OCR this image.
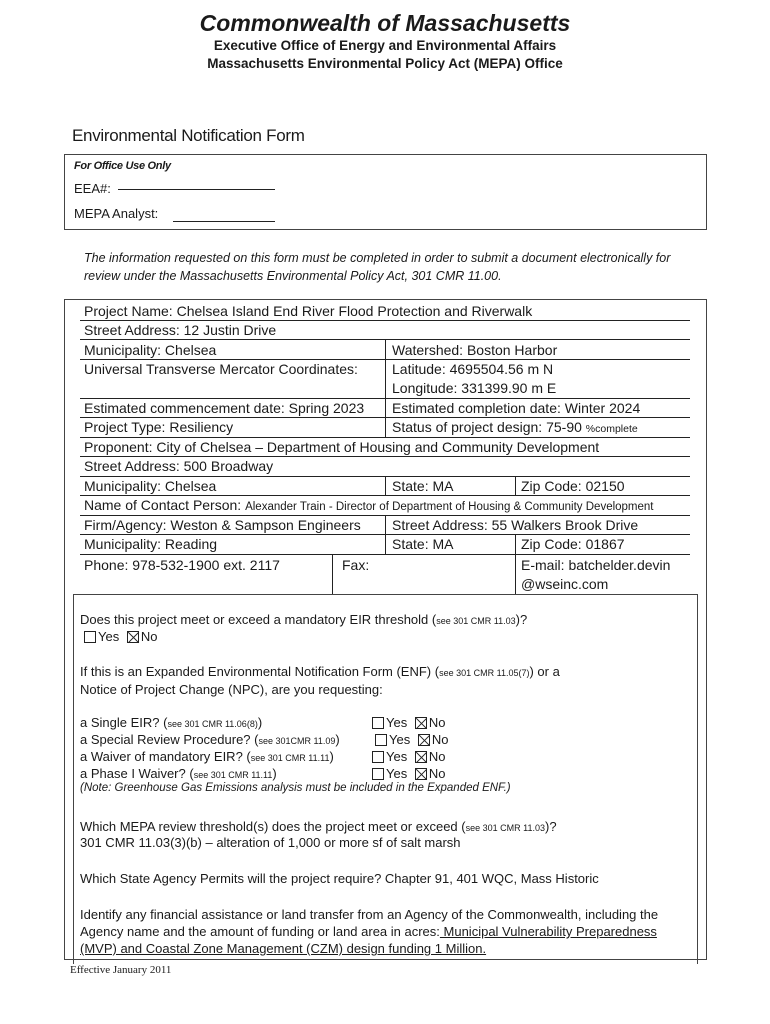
Commonwealth of Massachusetts
Executive Office of Energy and Environmental Affairs
Massachusetts Environmental Policy Act (MEPA) Office
Environmental Notification Form
For Office Use Only
EEA#:
MEPA Analyst:
The information requested on this form must be completed in order to submit a document electronically for review under the Massachusetts Environmental Policy Act, 301 CMR 11.00.
Project Name: Chelsea Island End River Flood Protection and Riverwalk
Street Address: 12 Justin Drive
Municipality: Chelsea	Watershed: Boston Harbor
Universal Transverse Mercator Coordinates: Latitude: 4695504.56 m N
Longitude: 331399.90 m E
Estimated commencement date: Spring 2023 Estimated completion date: Winter 2024
Project Type: Resiliency	Status of project design: 75-90 %complete
Proponent: City of Chelsea – Department of Housing and Community Development
Street Address: 500 Broadway
Municipality: Chelsea	State: MA	Zip Code: 02150
Name of Contact Person: Alexander Train - Director of Department of Housing & Community Development
Firm/Agency: Weston & Sampson Engineers Street Address: 55 Walkers Brook Drive
Municipality: Reading	State: MA	Zip Code: 01867
Phone: 978-532-1900 ext. 2117	Fax:	E-mail: batchelder.devin
@wseinc.com
Does this project meet or exceed a mandatory EIR threshold (see 301 CMR 11.03)?
Yes No
If this is an Expanded Environmental Notification Form (ENF) (see 301 CMR 11.05(7)) or a
Notice of Project Change (NPC), are you requesting:
a Single EIR? (see 301 CMR 11.06(8))	Yes No
a Special Review Procedure? (see 301CMR 11.09)	Yes No
a Waiver of mandatory EIR? (see 301 CMR 11.11)	Yes No
a Phase I Waiver? (see 301 CMR 11.11)	Yes No
(Note: Greenhouse Gas Emissions analysis must be included in the Expanded ENF.)
Which MEPA review threshold(s) does the project meet or exceed (see 301 CMR 11.03)?
301 CMR 11.03(3)(b) – alteration of 1,000 or more sf of salt marsh
Which State Agency Permits will the project require? Chapter 91, 401 WQC, Mass Historic
Identify any financial assistance or land transfer from an Agency of the Commonwealth, including the
Agency name and the amount of funding or land area in acres: Municipal Vulnerability Preparedness
(MVP) and Coastal Zone Management (CZM) design funding 1 Million.
Effective January 2011
